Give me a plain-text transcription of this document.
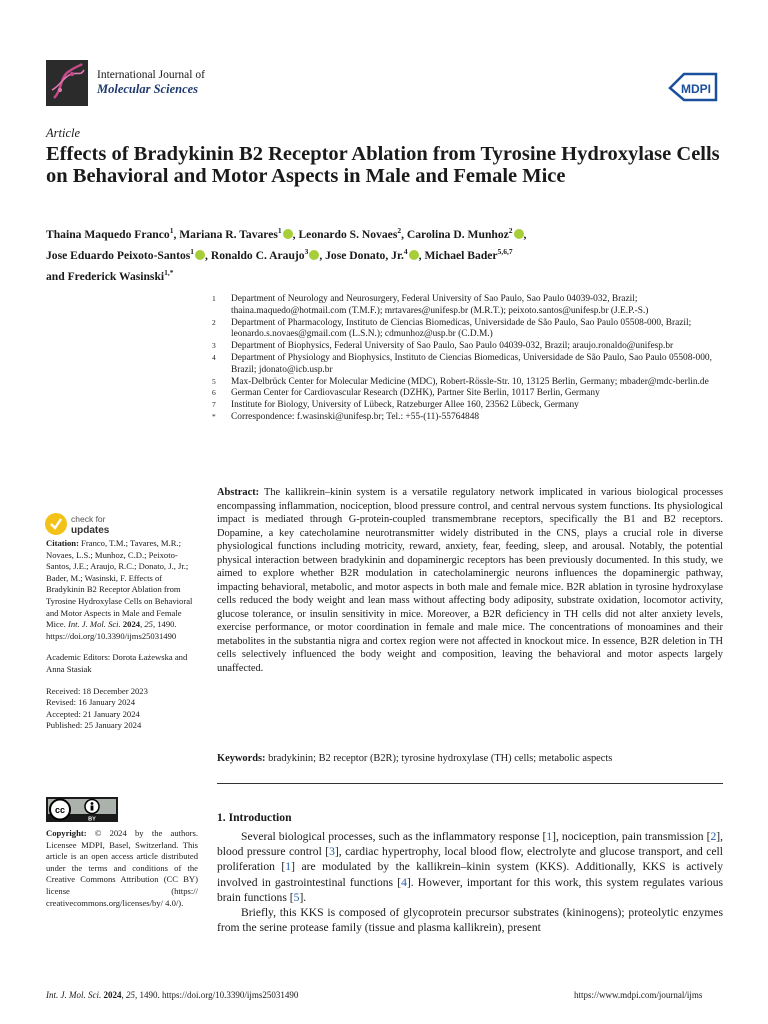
International Journal of
Molecular Sciences	MDPI
Article
Effects of Bradykinin B2 Receptor Ablation from Tyrosine Hydroxylase Cells on Behavioral and Motor Aspects in Male and Female Mice
Thaina Maquedo Franco$^1$, Mariana R. Tavares$^1$ , Leonardo S. Novaes$^2$, Carolina D. Munhoz$^2$ ,
Jose Eduardo Peixoto-Santos$^1$ , Ronaldo C. Araujo$^3$ , Jose Donato, Jr.$^4$ , Michael Bader$^{5,6,7}$
and Frederick Wasinski$^{1,*}$
1 Department of Neurology and Neurosurgery, Federal University of Sao Paulo, Sao Paulo 04039-032, Brazil; thaina.maquedo@hotmail.com (T.M.F.); mrtavares@unifesp.br (M.R.T.); peixoto.santos@unifesp.br (J.E.P.-S.)
2 Department of Pharmacology, Instituto de Ciencias Biomedicas, Universidade de São Paulo, Sao Paulo 05508-000, Brazil; leonardo.s.novaes@gmail.com (L.S.N.); cdmunhoz@usp.br (C.D.M.)
3 Department of Biophysics, Federal University of Sao Paulo, Sao Paulo 04039-032, Brazil; araujo.ronaldo@unifesp.br
4 Department of Physiology and Biophysics, Instituto de Ciencias Biomedicas, Universidade de São Paulo, Sao Paulo 05508-000, Brazil; jdonato@icb.usp.br
5 Max-Delbrück Center for Molecular Medicine (MDC), Robert-Rössle-Str. 10, 13125 Berlin, Germany; mbader@mdc-berlin.de
6 German Center for Cardiovascular Research (DZHK), Partner Site Berlin, 10117 Berlin, Germany
7 Institute for Biology, University of Lübeck, Ratzeburger Allee 160, 23562 Lübeck, Germany
* Correspondence: f.wasinski@unifesp.br; Tel.: +55-(11)-55764848
check for
updates

Citation: Franco, T.M.; Tavares, M.R.; Novaes, L.S.; Munhoz, C.D.; Peixoto-Santos, J.E.; Araujo, R.C.; Donato, J., Jr.; Bader, M.; Wasinski, F. Effects of Bradykinin B2 Receptor Ablation from Tyrosine Hydroxylase Cells on Behavioral and Motor Aspects in Male and Female Mice. Int. J. Mol. Sci. 2024, 25, 1490. https://doi.org/10.3390/ijms25031490

Academic Editors: Dorota Łażewska and Anna Stasiak

Received: 18 December 2023
Revised: 16 January 2024
Accepted: 21 January 2024
Published: 25 January 2024
cc
BY
Copyright: © 2024 by the authors. Licensee MDPI, Basel, Switzerland. This article is an open access article distributed under the terms and conditions of the Creative Commons Attribution (CC BY) license (https:// creativecommons.org/licenses/by/ 4.0/).
Abstract: The kallikrein–kinin system is a versatile regulatory network implicated in various biological processes encompassing inflammation, nociception, blood pressure control, and central nervous system functions. Its physiological impact is mediated through G-protein-coupled transmembrane receptors, specifically the B1 and B2 receptors. Dopamine, a key catecholamine neurotransmitter widely distributed in the CNS, plays a crucial role in diverse physiological functions including motricity, reward, anxiety, fear, feeding, sleep, and arousal. Notably, the potential physical interaction between bradykinin and dopaminergic receptors has been previously documented. In this study, we aimed to explore whether B2R modulation in catecholaminergic neurons influences the dopaminergic pathway, impacting behavioral, metabolic, and motor aspects in both male and female mice. B2R ablation in tyrosine hydroxylase cells reduced the body weight and lean mass without affecting body adiposity, substrate oxidation, locomotor activity, glucose tolerance, or insulin sensitivity in mice. Moreover, a B2R deficiency in TH cells did not alter anxiety levels, exercise performance, or motor coordination in female and male mice. The concentrations of monoamines and their metabolites in the substantia nigra and cortex region were not affected in knockout mice. In essence, B2R deletion in TH cells selectively influenced the body weight and composition, leaving the behavioral and motor aspects largely unaffected.
Keywords: bradykinin; B2 receptor (B2R); tyrosine hydroxylase (TH) cells; metabolic aspects
1. Introduction

Several biological processes, such as the inflammatory response [1], nociception, pain transmission [2], blood pressure control [3], cardiac hypertrophy, local blood flow, electrolyte and glucose transport, and cell proliferation [1] are modulated by the kallikrein–kinin system (KKS). Additionally, KKS is actively involved in gastrointestinal functions [4]. However, important for this work, this system regulates various brain functions [5].

Briefly, this KKS is composed of glycoprotein precursor substrates (kininogens); proteolytic enzymes from the serine protease family (tissue and plasma kallikrein), present

Int. J. Mol. Sci. 2024, 25, 1490. https://doi.org/10.3390/ijms25031490	https://www.mdpi.com/journal/ijms
